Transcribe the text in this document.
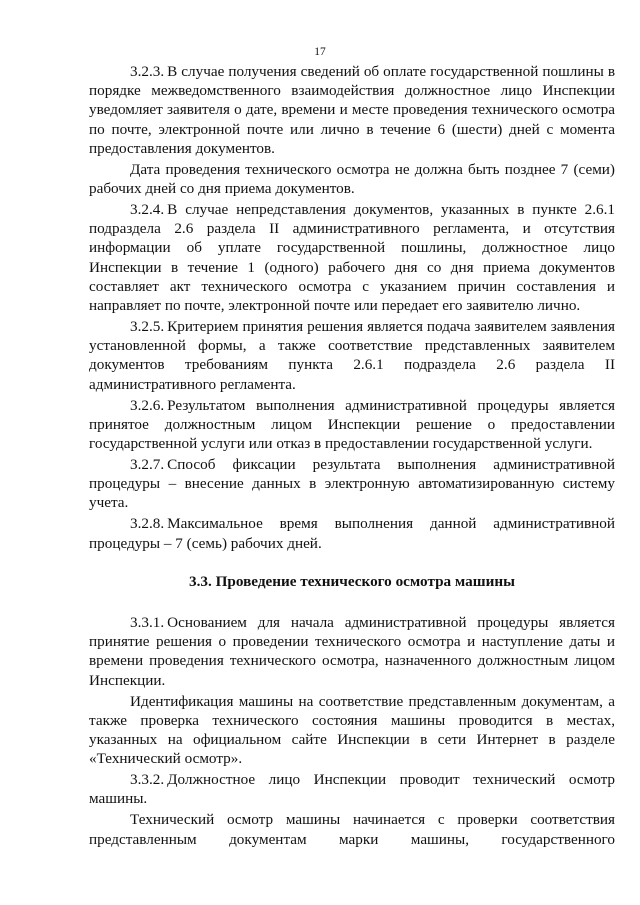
17

3.2.3. В случае получения сведений об оплате государственной пошлины в порядке межведомственного взаимодействия должностное лицо Инспекции уведомляет заявителя о дате, времени и месте проведения технического осмотра по почте, электронной почте или лично в течение 6 (шести) дней с момента предоставления документов.

Дата проведения технического осмотра не должна быть позднее 7 (семи) рабочих дней со дня приема документов.

3.2.4. В случае непредставления документов, указанных в пункте 2.6.1 подраздела 2.6 раздела II административного регламента, и отсутствия информации об уплате государственной пошлины, должностное лицо Инспекции в течение 1 (одного) рабочего дня со дня приема документов составляет акт технического осмотра с указанием причин составления и направляет по почте, электронной почте или передает его заявителю лично.

3.2.5. Критерием принятия решения является подача заявителем заявления установленной формы, а также соответствие представленных заявителем документов требованиям пункта 2.6.1 подраздела 2.6 раздела II административного регламента.

3.2.6. Результатом выполнения административной процедуры является принятое должностным лицом Инспекции решение о предоставлении государственной услуги или отказ в предоставлении государственной услуги.

3.2.7. Способ фиксации результата выполнения административной процедуры – внесение данных в электронную автоматизированную систему учета.

3.2.8. Максимальное время выполнения данной административной процедуры – 7 (семь) рабочих дней.

3.3. Проведение технического осмотра машины

3.3.1. Основанием для начала административной процедуры является принятие решения о проведении технического осмотра и наступление даты и времени проведения технического осмотра, назначенного должностным лицом Инспекции.

Идентификация машины на соответствие представленным документам, а также проверка технического состояния машины проводится в местах, указанных на официальном сайте Инспекции в сети Интернет в разделе «Технический осмотр».

3.3.2. Должностное лицо Инспекции проводит технический осмотр машины.

Технический осмотр машины начинается с проверки соответствия представленным документам марки машины, государственного
